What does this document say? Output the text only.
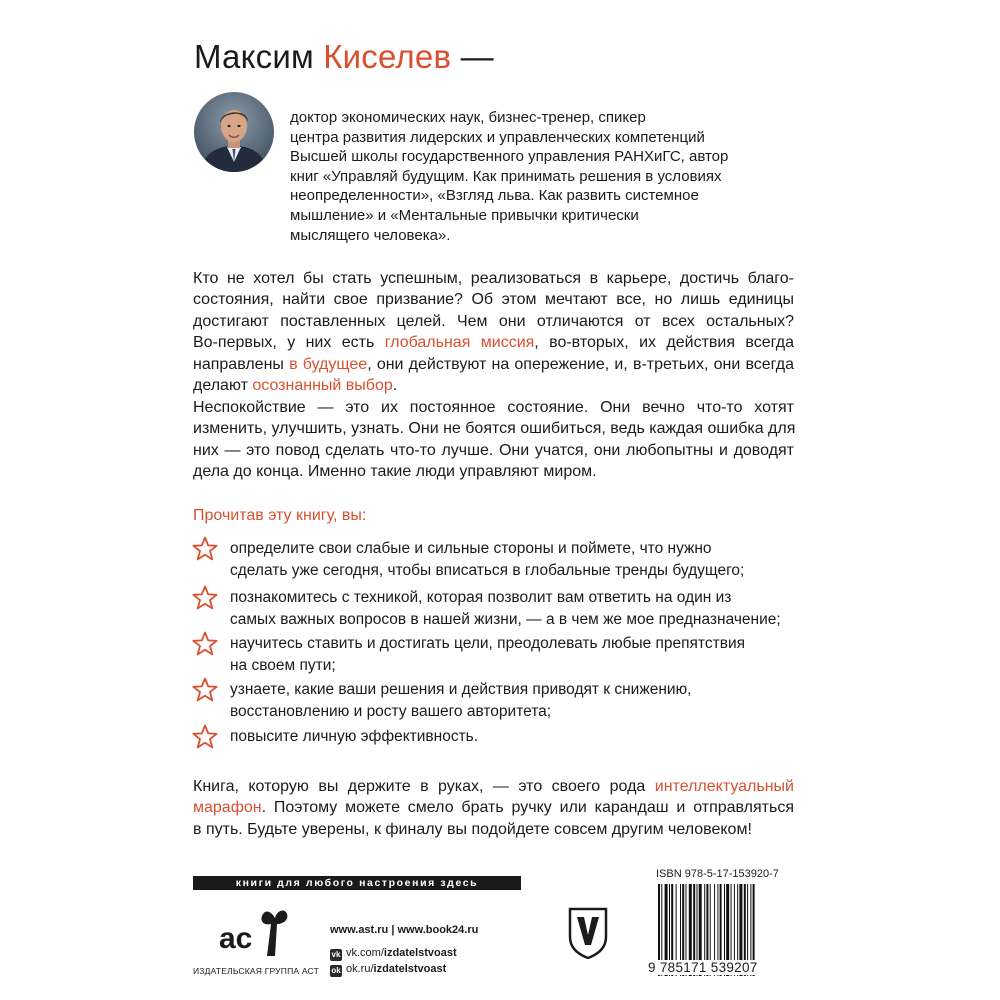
Максим Киселев —
доктор экономических наук, бизнес-тренер, спикер
центра развития лидерских и управленческих компетенций
Высшей школы государственного управления РАНХиГС, автор
книг «Управляй будущим. Как принимать решения в условиях
неопределенности», «Взгляд льва. Как развить системное
мышление» и «Ментальные привычки критически
мыслящего человека».
Кто не хотел бы стать успешным, реализоваться в карьере, достичь благо-
состояния, найти свое призвание? Об этом мечтают все, но лишь единицы
достигают поставленных целей. Чем они отличаются от всех остальных?
Во-первых, у них есть глобальная миссия, во-вторых, их действия всегда
направлены в будущее, они действуют на опережение, и, в-третьих, они всегда
делают осознанный выбор.
Неспокойствие — это их постоянное состояние. Они вечно что-то хотят
изменить, улучшить, узнать. Они не боятся ошибиться, ведь каждая ошибка для
них — это повод сделать что-то лучше. Они учатся, они любопытны и доводят
дела до конца. Именно такие люди управляют миром.
Прочитав эту книгу, вы:
определите свои слабые и сильные стороны и поймете, что нужно
сделать уже сегодня, чтобы вписаться в глобальные тренды будущего;
познакомитесь с техникой, которая позволит вам ответить на один из
самых важных вопросов в нашей жизни, — а в чем же мое предназначение;
научитесь ставить и достигать цели, преодолевать любые препятствия
на своем пути;
узнаете, какие ваши решения и действия приводят к снижению,
восстановлению и росту вашего авторитета;
повысите личную эффективность.
Книга, которую вы держите в руках, — это своего рода интеллектуальный
марафон. Поэтому можете смело брать ручку или карандаш и отправляться
в путь. Будьте уверены, к финалу вы подойдете совсем другим человеком!
книги для любого настроения здесь
ac
ИЗДАТЕЛЬСКАЯ ГРУППА АСТ
www.ast.ru | www.book24.ru
vk vk.com/izdatelstvoast
ok ok.ru/izdatelstvoast
ISBN 978-5-17-153920-7
9 785171 539207
